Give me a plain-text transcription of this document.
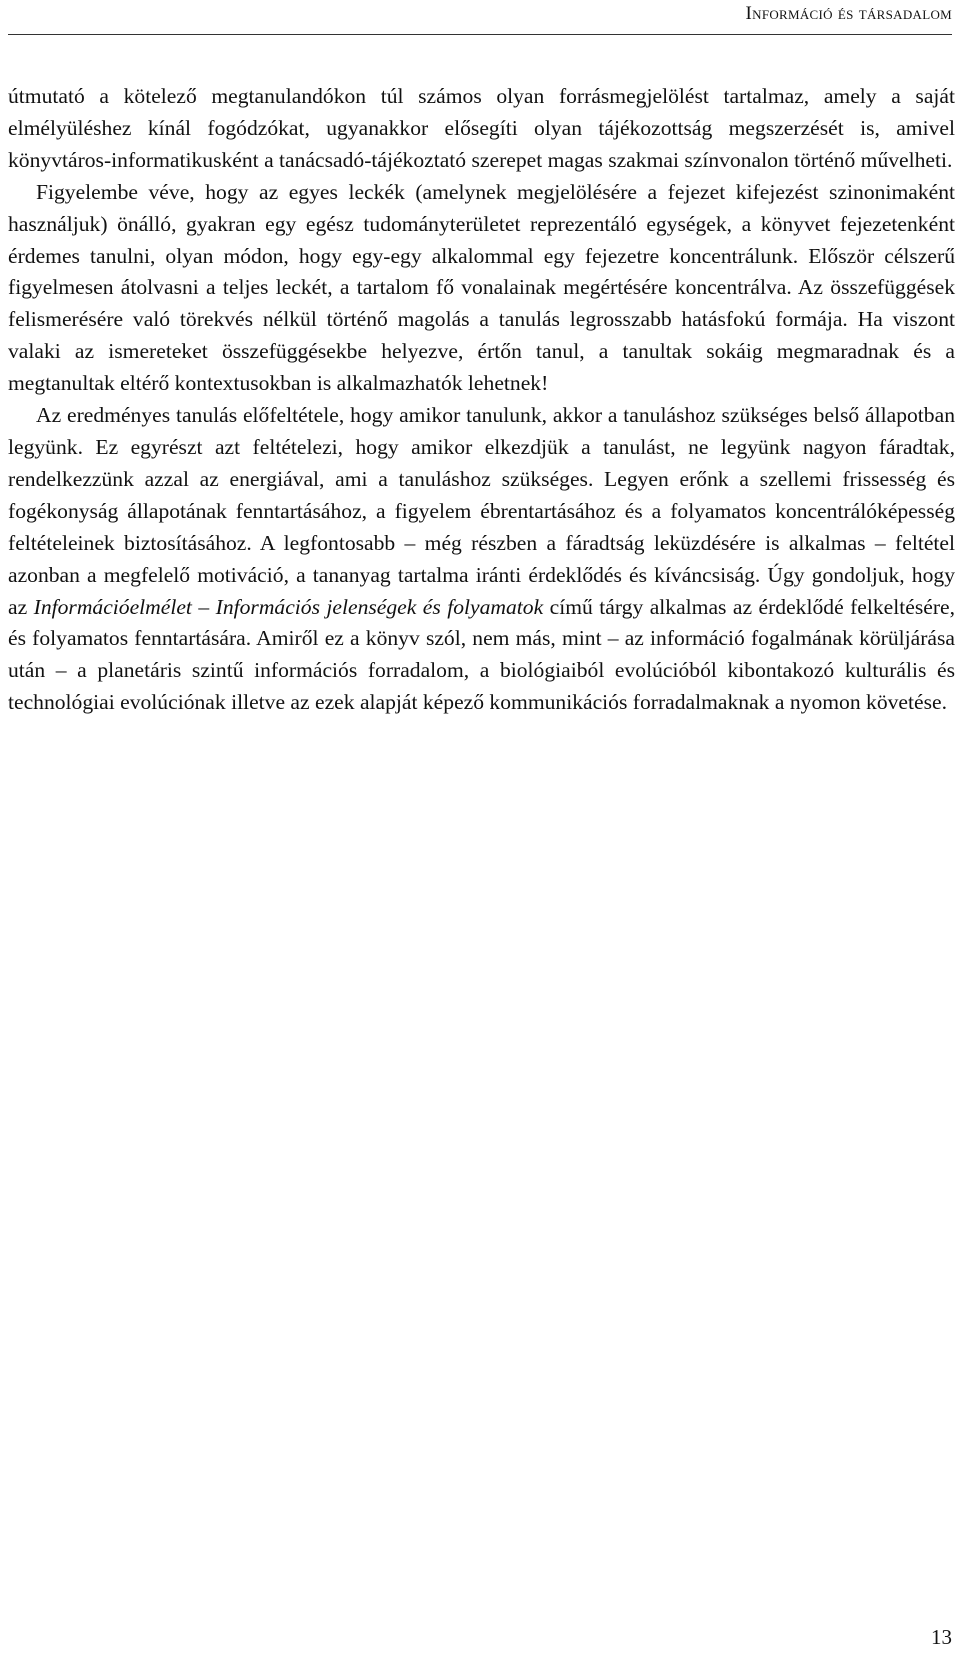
Információ és társadalom

útmutató a kötelező megtanulandókon túl számos olyan forrásmegjelölést tartalmaz, amely a saját elmélyüléshez kínál fogódzókat, ugyanakkor elősegíti olyan tájékozottság megszerzését is, amivel könyvtáros-informatikusként a tanácsadó-tájékoztató szerepet magas szakmai színvonalon történő művelheti.

Figyelembe véve, hogy az egyes leckék (amelynek megjelölésére a fejezet kifejezést szinonimaként használjuk) önálló, gyakran egy egész tudományterületet reprezentáló egységek, a könyvet fejezetenként érdemes tanulni, olyan módon, hogy egy-egy alkalommal egy fejezetre koncentrálunk. Először célszerű figyelmesen átolvasni a teljes leckét, a tartalom fő vonalainak megértésére koncentrálva. Az összefüggések felismerésére való törekvés nélkül történő magolás a tanulás legrosszabb hatásfokú formája. Ha viszont valaki az ismereteket összefüggésekbe helyezve, értőn tanul, a tanultak sokáig megmaradnak és a megtanultak eltérő kontextusokban is alkalmazhatók lehetnek!

Az eredményes tanulás előfeltétele, hogy amikor tanulunk, akkor a tanuláshoz szükséges belső állapotban legyünk. Ez egyrészt azt feltételezi, hogy amikor elkezdjük a tanulást, ne legyünk nagyon fáradtak, rendelkezzünk azzal az energiával, ami a tanuláshoz szükséges. Legyen erőnk a szellemi frissesség és fogékonyság állapotának fenntartásához, a figyelem ébrentartásához és a folyamatos koncentrálóképesség feltételeinek biztosításához. A legfontosabb – még részben a fáradtság leküzdésére is alkalmas – feltétel azonban a megfelelő motiváció, a tananyag tartalma iránti érdeklődés és kíváncsiság. Úgy gondoljuk, hogy az Információelmélet – Információs jelenségek és folyamatok című tárgy alkalmas az érdeklődé felkeltésére, és folyamatos fenntartására. Amiről ez a könyv szól, nem más, mint – az információ fogalmának körüljárása után – a planetáris szintű információs forradalom, a biológiaiból evolúcióból kibontakozó kulturális és technológiai evolúciónak illetve az ezek alapját képező kommunikációs forradalmaknak a nyomon követése.

13
